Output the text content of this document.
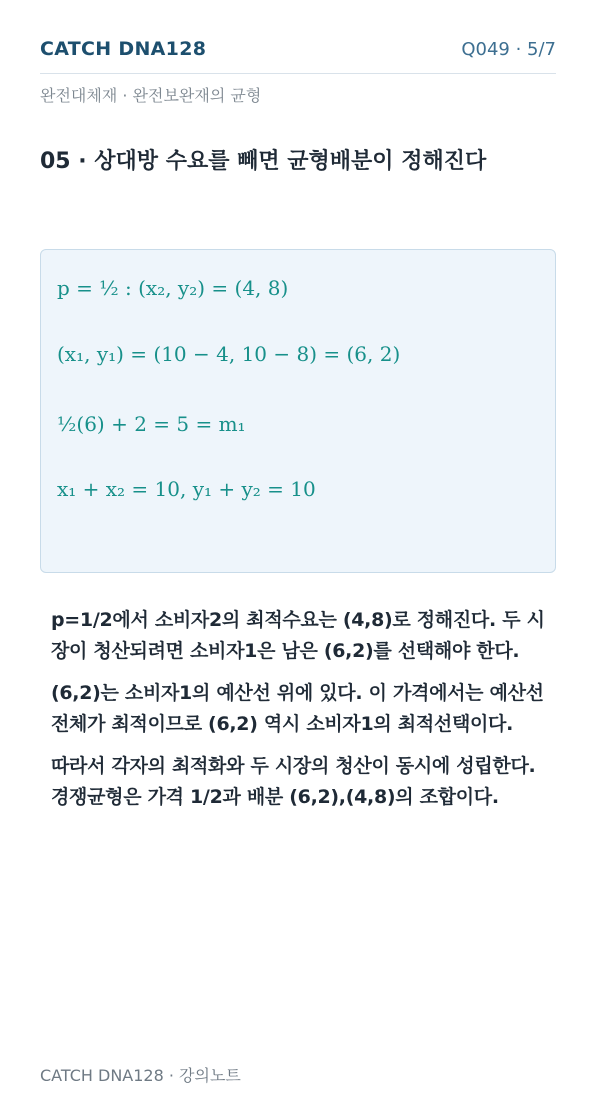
CATCH DNA128	Q049 · 5/7
완전대체재 · 완전보완재의 균형
05 · 상대방 수요를 빼면 균형배분이 정해진다
p = ½ : (x₂, y₂) = (4, 8)
(x₁, y₁) = (10 − 4, 10 − 8) = (6, 2)
½(6) + 2 = 5 = m₁
x₁ + x₂ = 10, y₁ + y₂ = 10
p=1/2에서 소비자2의 최적수요는 (4,8)로 정해진다. 두 시장이 청산되려면 소비자1은 남은 (6,2)를 선택해야 한다.
(6,2)는 소비자1의 예산선 위에 있다. 이 가격에서는 예산선 전체가 최적이므로 (6,2) 역시 소비자1의 최적선택이다.
따라서 각자의 최적화와 두 시장의 청산이 동시에 성립한다. 경쟁균형은 가격 1/2과 배분 (6,2),(4,8)의 조합이다.
CATCH DNA128 · 강의노트
